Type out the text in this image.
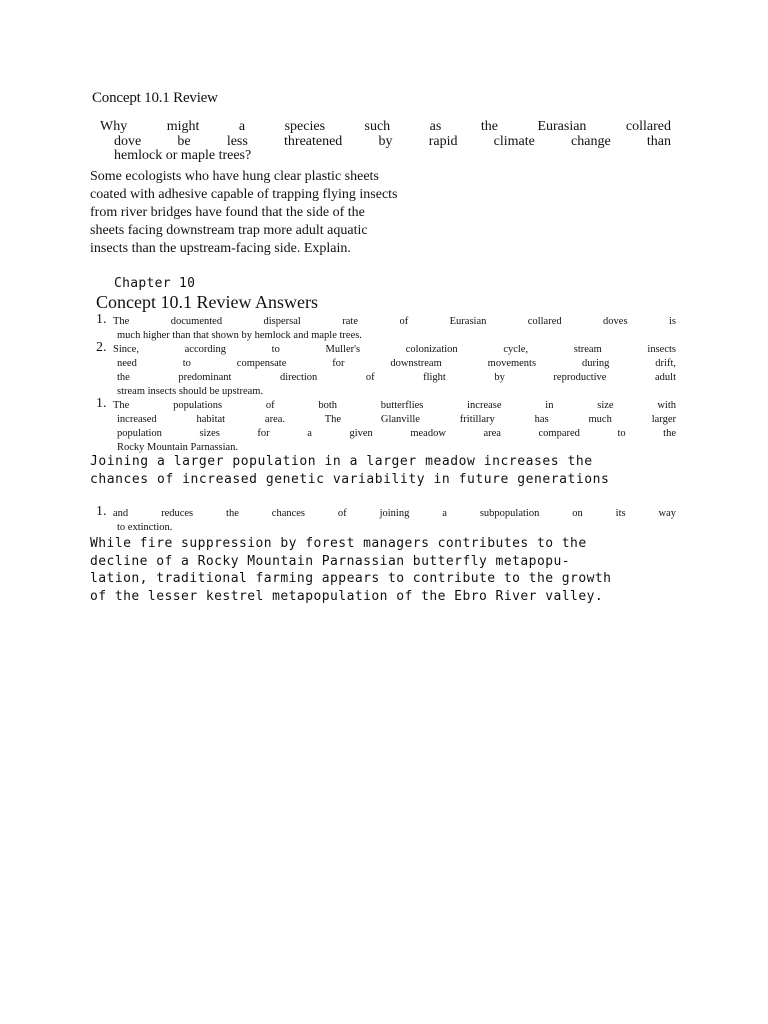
Concept 10.1 Review
Why might a species such as the Eurasian collared
dove be less threatened by rapid climate change than
hemlock or maple trees?
Some ecologists who have hung clear plastic sheets
coated with adhesive capable of trapping flying insects
from river bridges have found that the side of the
sheets facing downstream trap more adult aquatic
insects than the upstream-facing side. Explain.
Chapter 10
Concept 10.1 Review Answers
1. The documented dispersal rate of Eurasian collared doves is
much higher than that shown by hemlock and maple trees.
2. Since, according to Muller's colonization cycle, stream insects
need to compensate for downstream movements during drift,
the predominant direction of flight by reproductive adult
stream insects should be upstream.
1. The populations of both butterflies increase in size with
increased habitat area. The Glanville fritillary has much larger
population sizes for a given meadow area compared to the
Rocky Mountain Parnassian.
Joining a larger population in a larger meadow increases the
chances of increased genetic variability in future generations
1. and reduces the chances of joining a subpopulation on its way
to extinction.
While fire suppression by forest managers contributes to the
decline of a Rocky Mountain Parnassian butterfly metapopu-
lation, traditional farming appears to contribute to the growth
of the lesser kestrel metapopulation of the Ebro River valley.
